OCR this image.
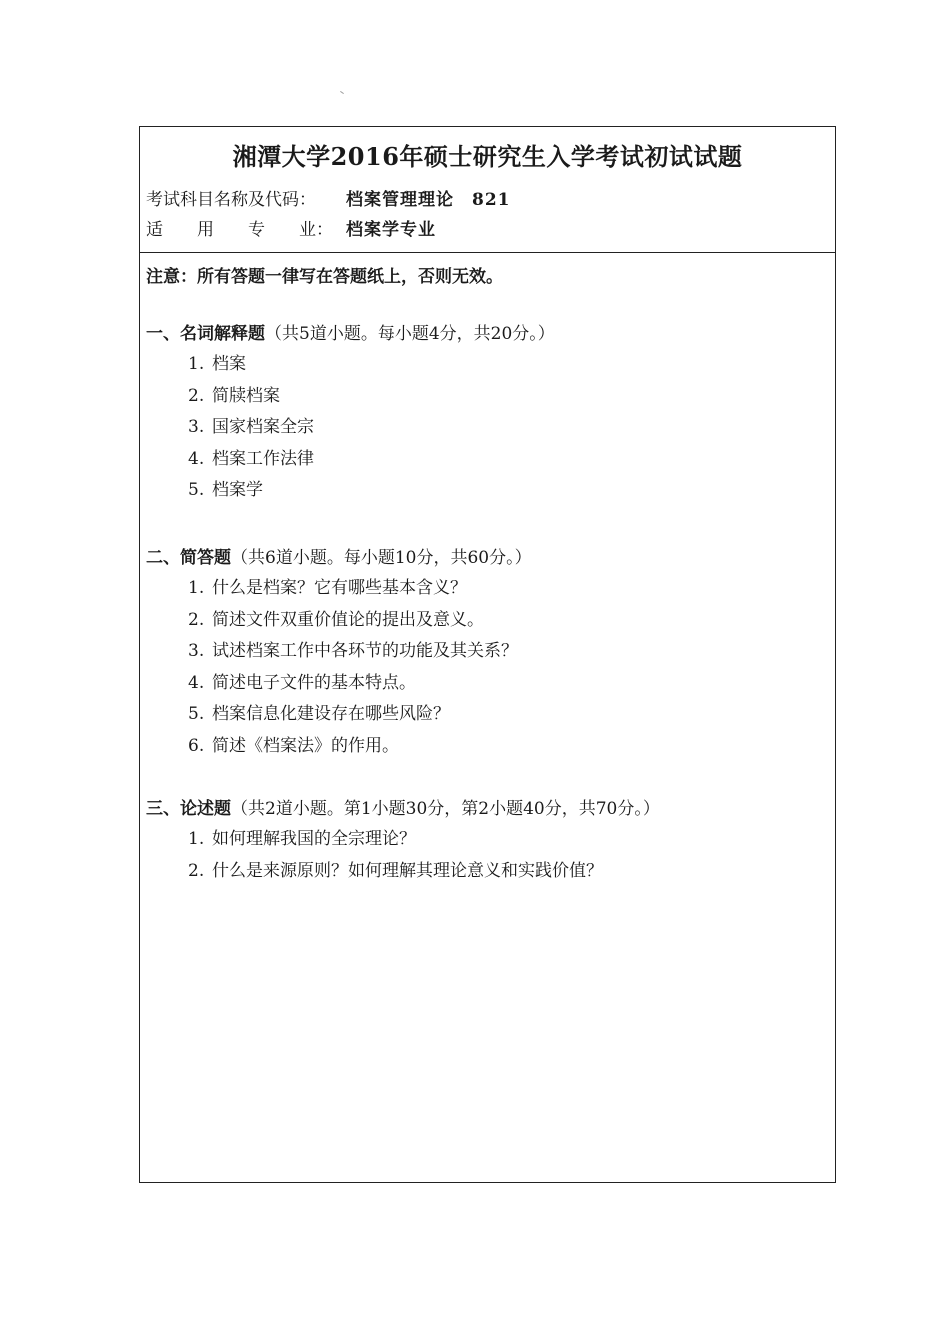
湘潭大学2016年硕士研究生入学考试初试试题
考试科目名称及代码： 档案管理理论　821
适 用 专 业： 档案学专业
注意：所有答题一律写在答题纸上，否则无效。
一、名词解释题（共5道小题。每小题4分，共20分。）
1. 档案
2. 简牍档案
3. 国家档案全宗
4. 档案工作法律
5. 档案学
二、简答题（共6道小题。每小题10分，共60分。）
1. 什么是档案？它有哪些基本含义？
2. 简述文件双重价值论的提出及意义。
3. 试述档案工作中各环节的功能及其关系？
4. 简述电子文件的基本特点。
5. 档案信息化建设存在哪些风险？
6. 简述《档案法》的作用。
三、论述题（共2道小题。第1小题30分，第2小题40分，共70分。）
1. 如何理解我国的全宗理论？
2. 什么是来源原则？如何理解其理论意义和实践价值？
